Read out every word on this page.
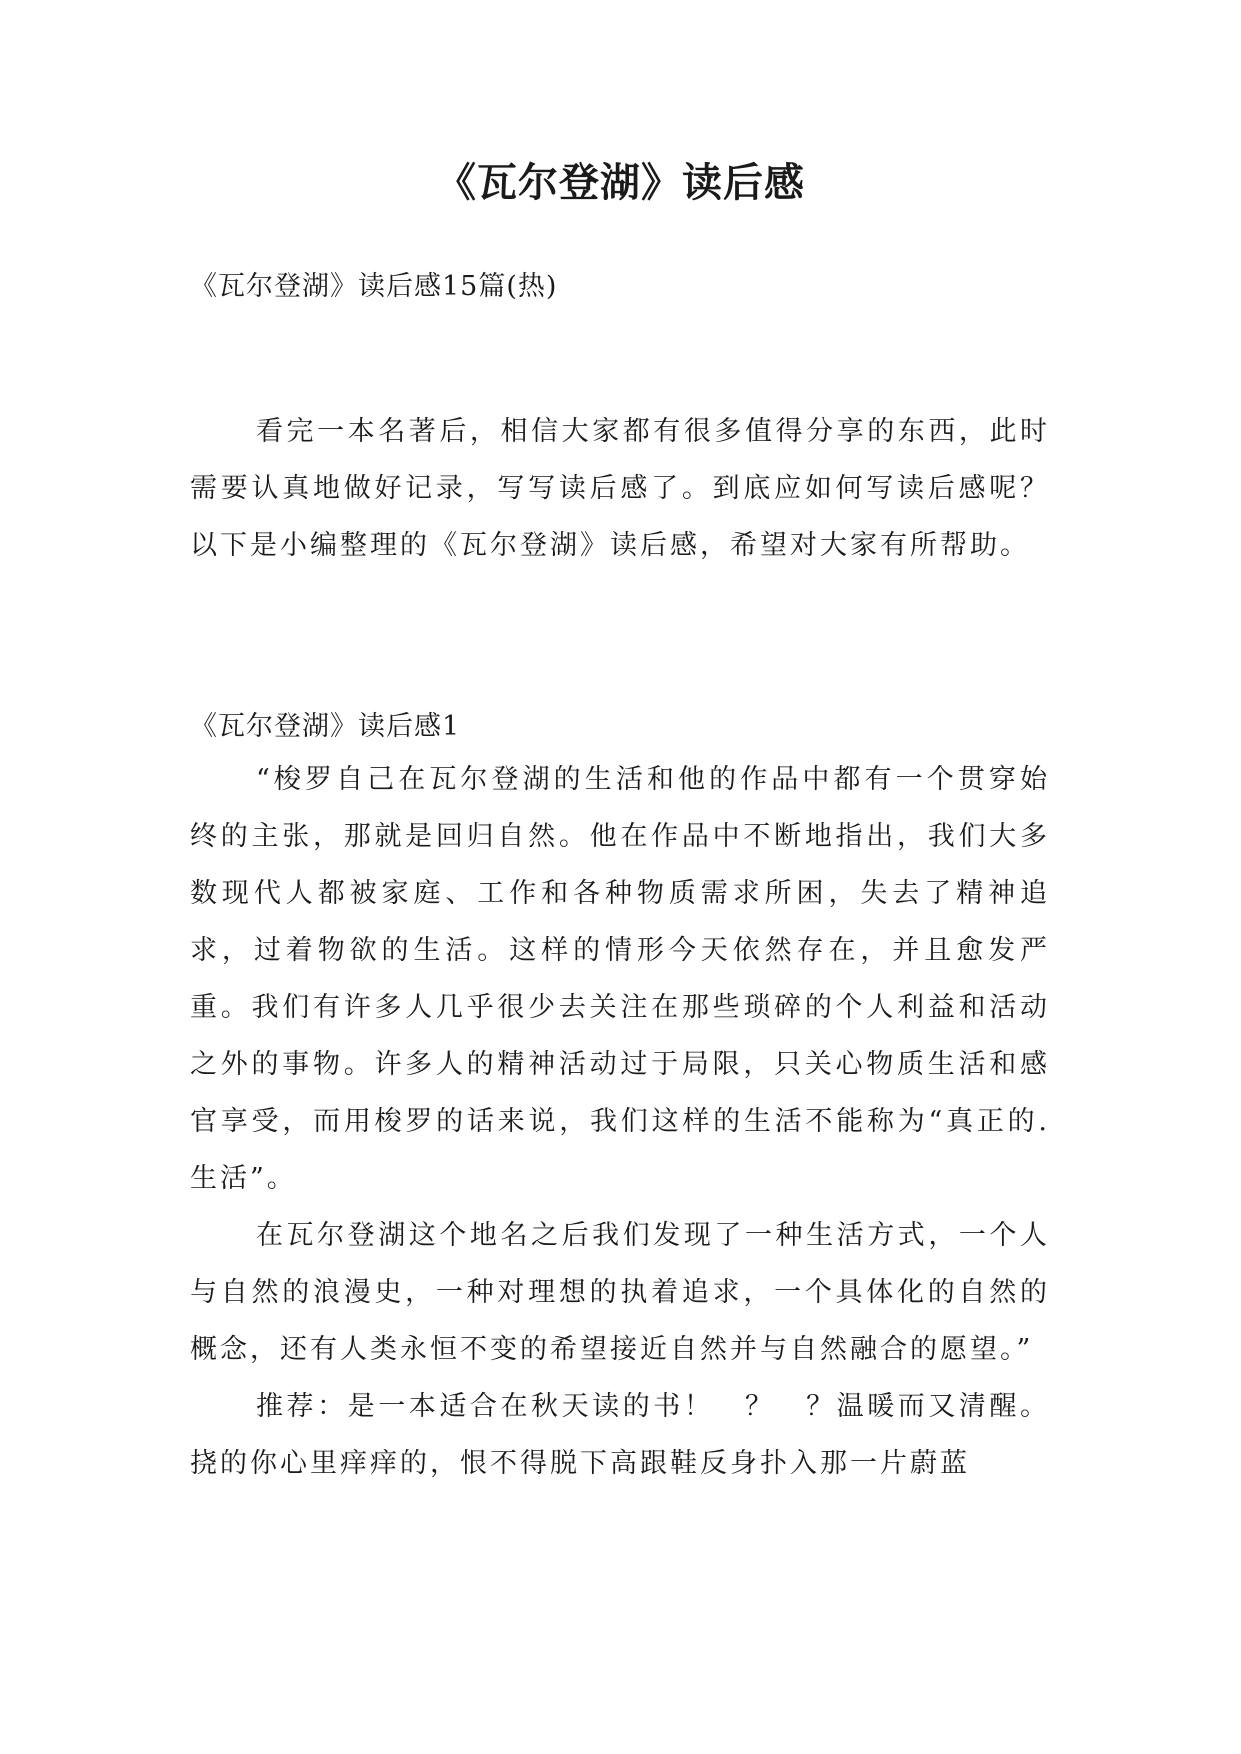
《瓦尔登湖》读后感
《瓦尔登湖》读后感15篇(热)

看完一本名著后，相信大家都有很多值得分享的东西，此时需要认真地做好记录，写写读后感了。到底应如何写读后感呢？以下是小编整理的《瓦尔登湖》读后感，希望对大家有所帮助。

《瓦尔登湖》读后感1

“梭罗自己在瓦尔登湖的生活和他的作品中都有一个贯穿始终的主张，那就是回归自然。他在作品中不断地指出，我们大多数现代人都被家庭、工作和各种物质需求所困，失去了精神追求，过着物欲的生活。这样的情形今天依然存在，并且愈发严重。我们有许多人几乎很少去关注在那些琐碎的个人利益和活动之外的事物。许多人的精神活动过于局限，只关心物质生活和感官享受，而用梭罗的话来说，我们这样的生活不能称为“真正的.生活”。

在瓦尔登湖这个地名之后我们发现了一种生活方式，一个人与自然的浪漫史，一种对理想的执着追求，一个具体化的自然的概念，还有人类永恒不变的希望接近自然并与自然融合的愿望。”

推荐：是一本适合在秋天读的书！　？　？温暖而又清醒。挠的你心里痒痒的，恨不得脱下高跟鞋反身扑入那一片蔚蓝
